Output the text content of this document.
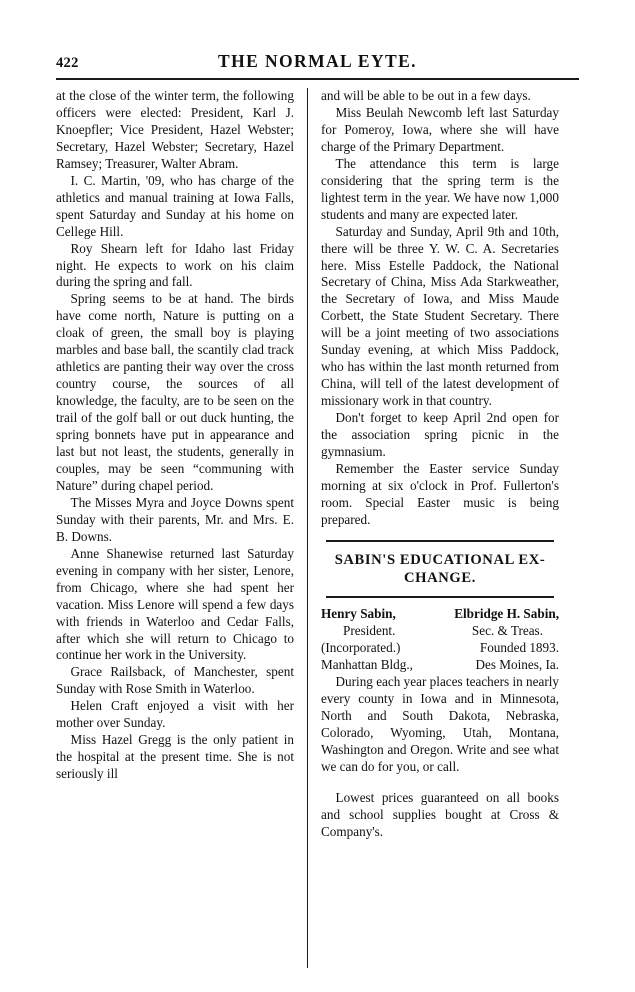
422	THE NORMAL EYTE.

at the close of the winter term, the following officers were elected: President, Karl J. Knoepfler; Vice President, Hazel Webster; Secretary, Hazel Webster; Secretary, Hazel Ramsey; Treasurer, Walter Abram.

I. C. Martin, '09, who has charge of the athletics and manual training at Iowa Falls, spent Saturday and Sunday at his home on Cellege Hill.

Roy Shearn left for Idaho last Friday night. He expects to work on his claim during the spring and fall.

Spring seems to be at hand. The birds have come north, Nature is putting on a cloak of green, the small boy is playing marbles and base ball, the scantily clad track athletics are panting their way over the cross country course, the sources of all knowledge, the faculty, are to be seen on the trail of the golf ball or out duck hunting, the spring bonnets have put in appearance and last but not least, the students, generally in couples, may be seen “communing with Nature” during chapel period.

The Misses Myra and Joyce Downs spent Sunday with their parents, Mr. and Mrs. E. B. Downs.

Anne Shanewise returned last Saturday evening in company with her sister, Lenore, from Chicago, where she had spent her vacation. Miss Lenore will spend a few days with friends in Waterloo and Cedar Falls, after which she will return to Chicago to continue her work in the University.

Grace Railsback, of Manchester, spent Sunday with Rose Smith in Waterloo.

Helen Craft enjoyed a visit with her mother over Sunday.

Miss Hazel Gregg is the only patient in the hospital at the present time. She is not seriously ill

and will be able to be out in a few days.

Miss Beulah Newcomb left last Saturday for Pomeroy, Iowa, where she will have charge of the Primary Department.

The attendance this term is large considering that the spring term is the lightest term in the year. We have now 1,000 students and many are expected later.

Saturday and Sunday, April 9th and 10th, there will be three Y. W. C. A. Secretaries here. Miss Estelle Paddock, the National Secretary of China, Miss Ada Starkweather, the Secretary of Iowa, and Miss Maude Corbett, the State Student Secretary. There will be a joint meeting of two associations Sunday evening, at which Miss Paddock, who has within the last month returned from China, will tell of the latest development of missionary work in that country.

Don't forget to keep April 2nd open for the association spring picnic in the gymnasium.

Remember the Easter service Sunday morning at six o'clock in Prof. Fullerton's room. Special Easter music is being prepared.

SABIN'S EDUCATIONAL EX-
CHANGE.
Henry Sabin,	Elbridge H. Sabin,
President.	Sec. & Treas.
(Incorporated.)	Founded 1893.
Manhattan Bldg.,	Des Moines, Ia.

During each year places teachers in nearly every county in Iowa and in Minnesota, North and South Dakota, Nebraska, Colorado, Wyoming, Utah, Montana, Washington and Oregon. Write and see what we can do for you, or call.

Lowest prices guaranteed on all books and school supplies bought at Cross & Company's.
